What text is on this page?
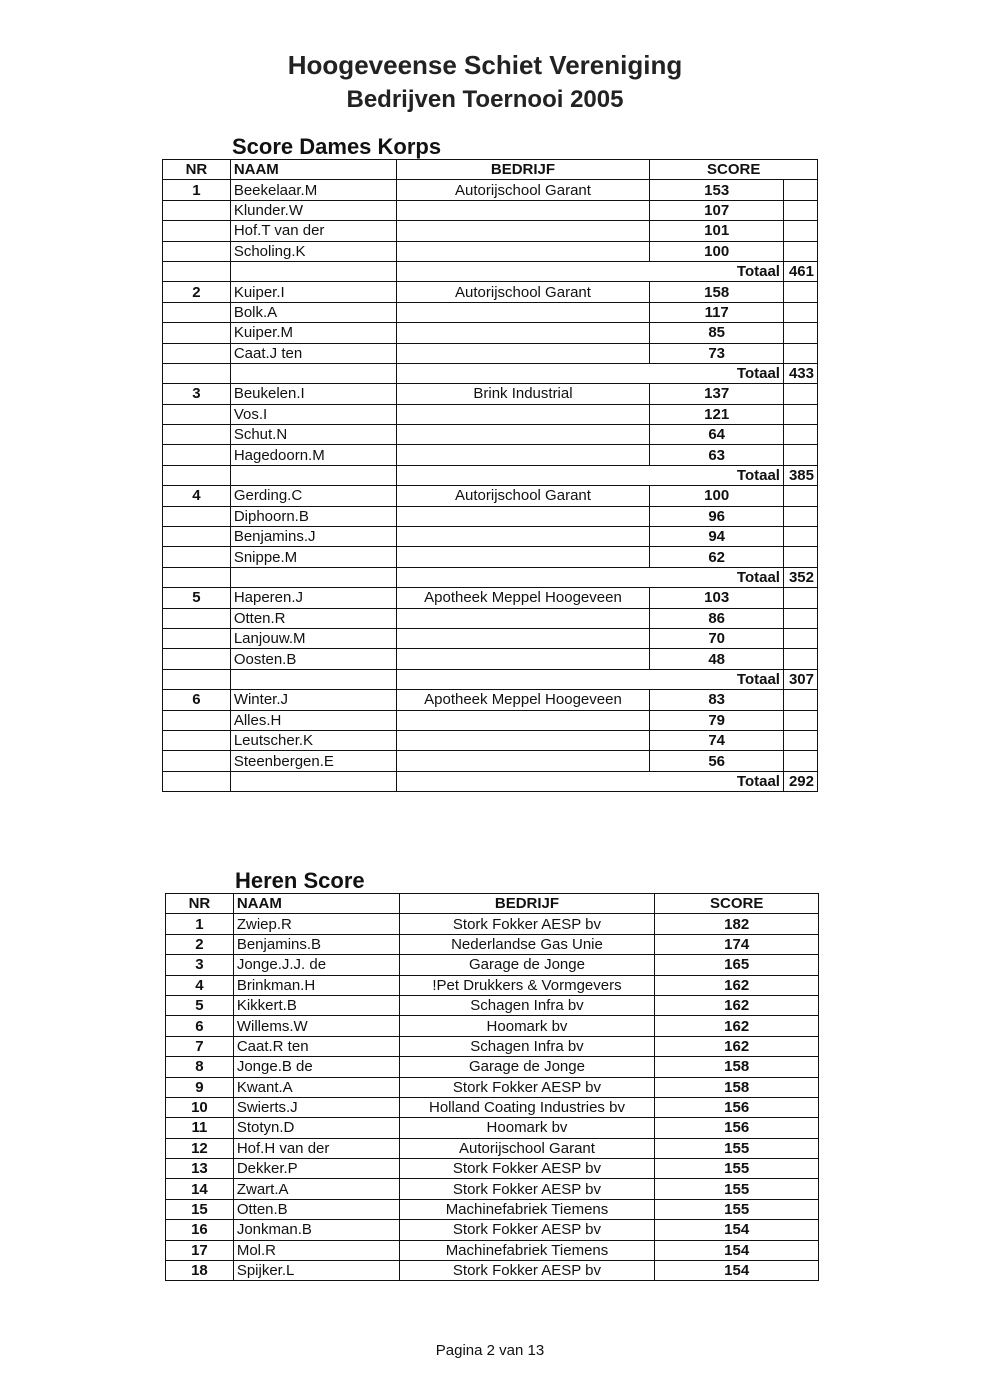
Hoogeveense Schiet Vereniging
Bedrijven Toernooi 2005
Score Dames Korps
NR	NAAM	BEDRIJF	SCORE	
1	Beekelaar.M	Autorijschool Garant	153	
	Klunder.W		107	
	Hof.T van der		101	
	Scholing.K		100	
		Totaal		461
2	Kuiper.I	Autorijschool Garant	158	
	Bolk.A		117	
	Kuiper.M		85	
	Caat.J ten		73	
		Totaal		433
3	Beukelen.I	Brink Industrial	137	
	Vos.I		121	
	Schut.N		64	
	Hagedoorn.M		63	
		Totaal		385
4	Gerding.C	Autorijschool Garant	100	
	Diphoorn.B		96	
	Benjamins.J		94	
	Snippe.M		62	
		Totaal		352
5	Haperen.J	Apotheek Meppel Hoogeveen	103	
	Otten.R		86	
	Lanjouw.M		70	
	Oosten.B		48	
		Totaal		307
6	Winter.J	Apotheek Meppel Hoogeveen	83	
	Alles.H		79	
	Leutscher.K		74	
	Steenbergen.E		56	
		Totaal		292
Heren Score
NR	NAAM	BEDRIJF	SCORE
1	Zwiep.R	Stork Fokker AESP bv	182
2	Benjamins.B	Nederlandse Gas Unie	174
3	Jonge.J.J. de	Garage de Jonge	165
4	Brinkman.H	!Pet Drukkers & Vormgevers	162
5	Kikkert.B	Schagen Infra bv	162
6	Willems.W	Hoomark bv	162
7	Caat.R ten	Schagen Infra bv	162
8	Jonge.B de	Garage de Jonge	158
9	Kwant.A	Stork Fokker AESP bv	158
10	Swierts.J	Holland Coating Industries bv	156
11	Stotyn.D	Hoomark bv	156
12	Hof.H van der	Autorijschool Garant	155
13	Dekker.P	Stork Fokker AESP bv	155
14	Zwart.A	Stork Fokker AESP bv	155
15	Otten.B	Machinefabriek Tiemens	155
16	Jonkman.B	Stork Fokker AESP bv	154
17	Mol.R	Machinefabriek Tiemens	154
18	Spijker.L	Stork Fokker AESP bv	154
Pagina 2 van 13
